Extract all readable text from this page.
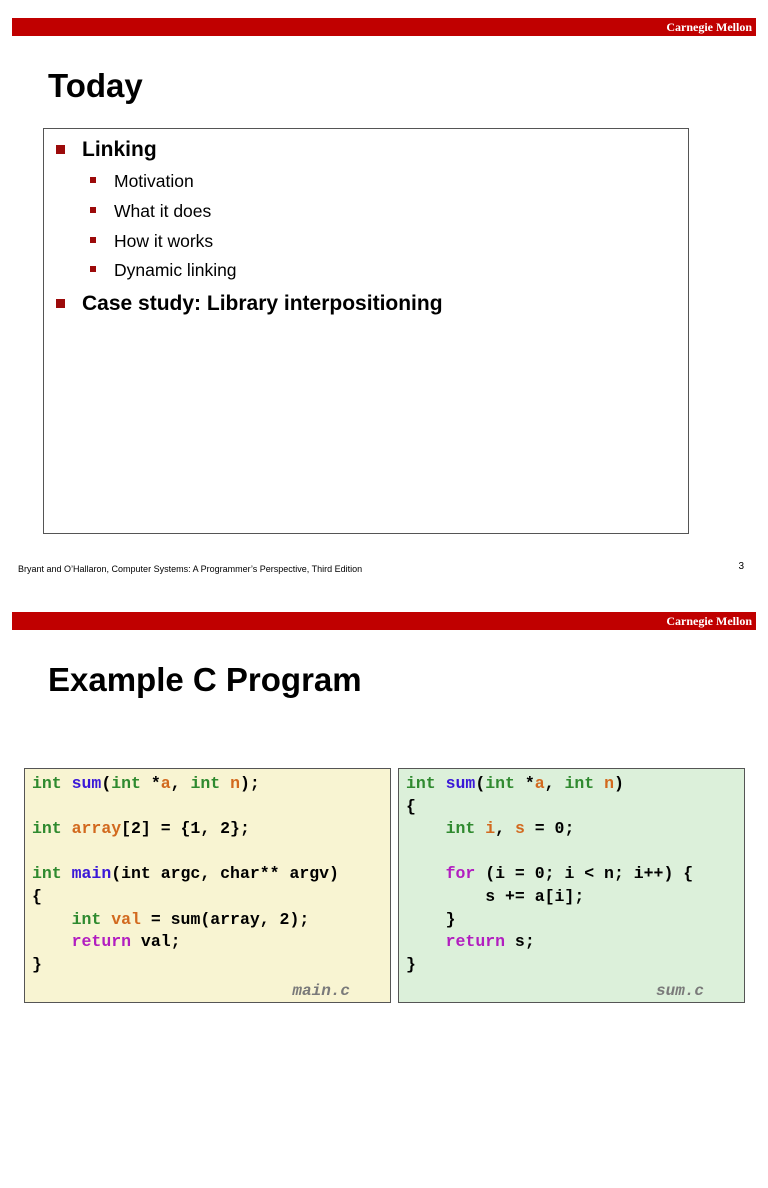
Carnegie Mellon
Today
Linking
Motivation
What it does
How it works
Dynamic linking
Case study: Library interpositioning
Bryant and O’Hallaron, Computer Systems: A Programmer’s Perspective, Third Edition	3
Carnegie Mellon
Example C Program
int sum(int *a, int n);

int array[2] = {1, 2};

int main(int argc, char** argv)
{
int val = sum(array, 2);
return val;
}
main.c
int sum(int *a, int n)
{
int i, s = 0;

for (i = 0; i < n; i++) {
s += a[i];
}
return s;
}
sum.c
